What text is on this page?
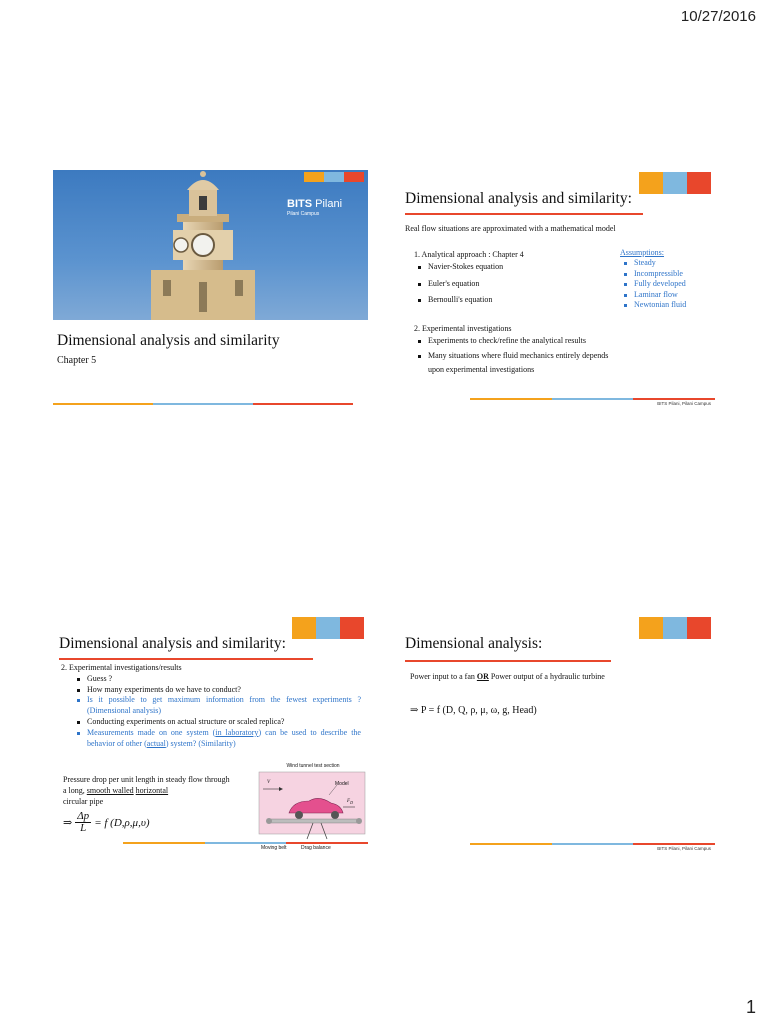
10/27/2016
BITS Pilani
Pilani Campus
Dimensional analysis and similarity
Chapter 5
Dimensional analysis and similarity:
Real flow situations are approximated with a mathematical model
1. Analytical approach : Chapter 4
Navier-Stokes equation
Euler's equation
Bernoulli's equation
Assumptions:
Steady
Incompressible
Fully developed
Laminar flow
Newtonian fluid
2. Experimental investigations
Experiments to check/refine the analytical results
Many situations where fluid mechanics entirely depends
upon experimental investigations
BITS Pilani, Pilani Campus
Dimensional analysis and similarity:
2. Experimental investigations/results
Guess ?
How many experiments do we have to conduct?
Is it possible to get maximum information from the fewest experiments ? (Dimensional analysis)
Conducting experiments on actual structure or scaled replica?
Measurements made on one system (in laboratory) can be used to describe the behavior of other (actual) system? (Similarity)
Pressure drop per unit length in steady flow through a long, smooth walled horizontal
circular pipe
⇒ $\frac{\Delta p}{L} = f$ (D,ρ,μ,υ)
Wind tunnel test section
V	Model
$F_D$
Moving belt	Drag balance
Dimensional analysis:
Power input to a fan OR Power output of a hydraulic turbine
⇒ P = f (D, Q, ρ, μ, ω, g, Head)
BITS Pilani, Pilani Campus
1
